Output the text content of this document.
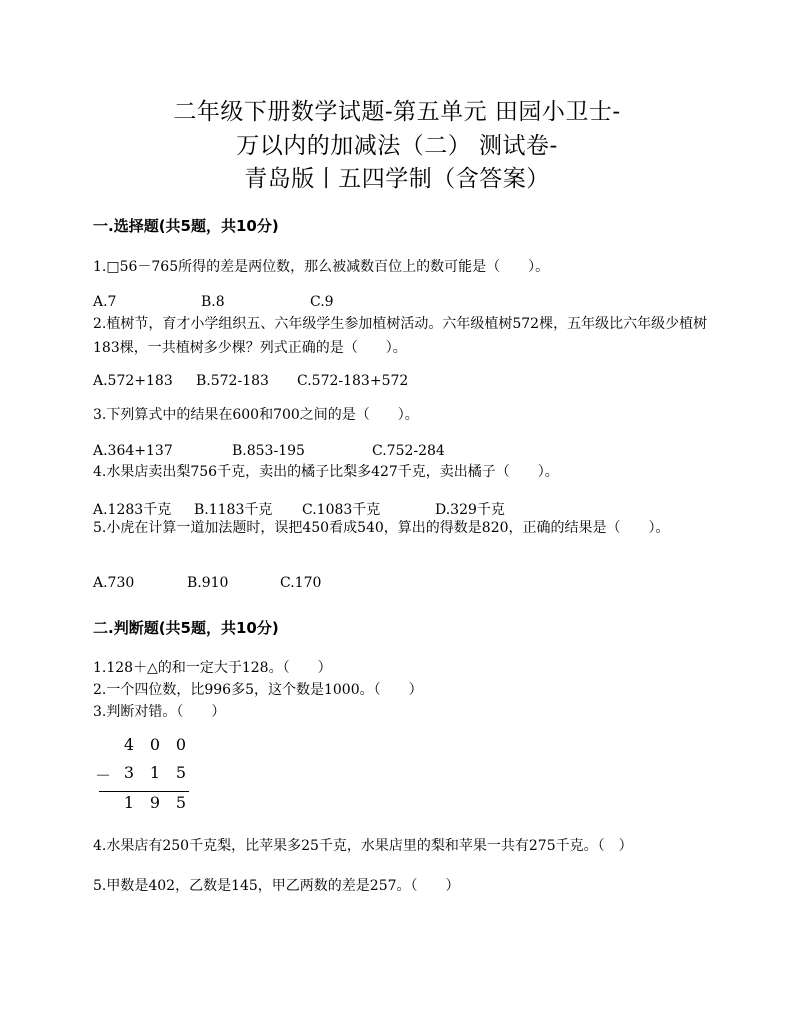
二年级下册数学试题-第五单元 田园小卫士-
万以内的加减法（二） 测试卷-
青岛版丨五四学制（含答案）
一.选择题(共5题，共10分)
1.□56－765所得的差是两位数，那么被减数百位上的数可能是（　　）。
A.7	B.8	C.9
2.植树节，育才小学组织五、六年级学生参加植树活动。六年级植树572棵，五年级比六年级少植树183棵，一共植树多少棵？列式正确的是（　　）。
A.572+183 B.572-183 C.572-183+572
3.下列算式中的结果在600和700之间的是（　　）。
A.364+137	B.853-195	C.752-284
4.水果店卖出梨756千克，卖出的橘子比梨多427千克，卖出橘子（　　）。
A.1283千克 B.1183千克 C.1083千克	D.329千克
5.小虎在计算一道加法题时，误把450看成540，算出的得数是820，正确的结果是（　　）。
A.730	B.910	C.170
二.判断题(共5题，共10分)
1.128＋△的和一定大于128。（　　）
2.一个四位数，比996多5，这个数是1000。（　　）
3.判断对错。（　　）
4 0 0
－ 3 1 5
1 9 5
4.水果店有250千克梨，比苹果多25千克，水果店里的梨和苹果一共有275千克。（　）
5.甲数是402，乙数是145，甲乙两数的差是257。（　　）
